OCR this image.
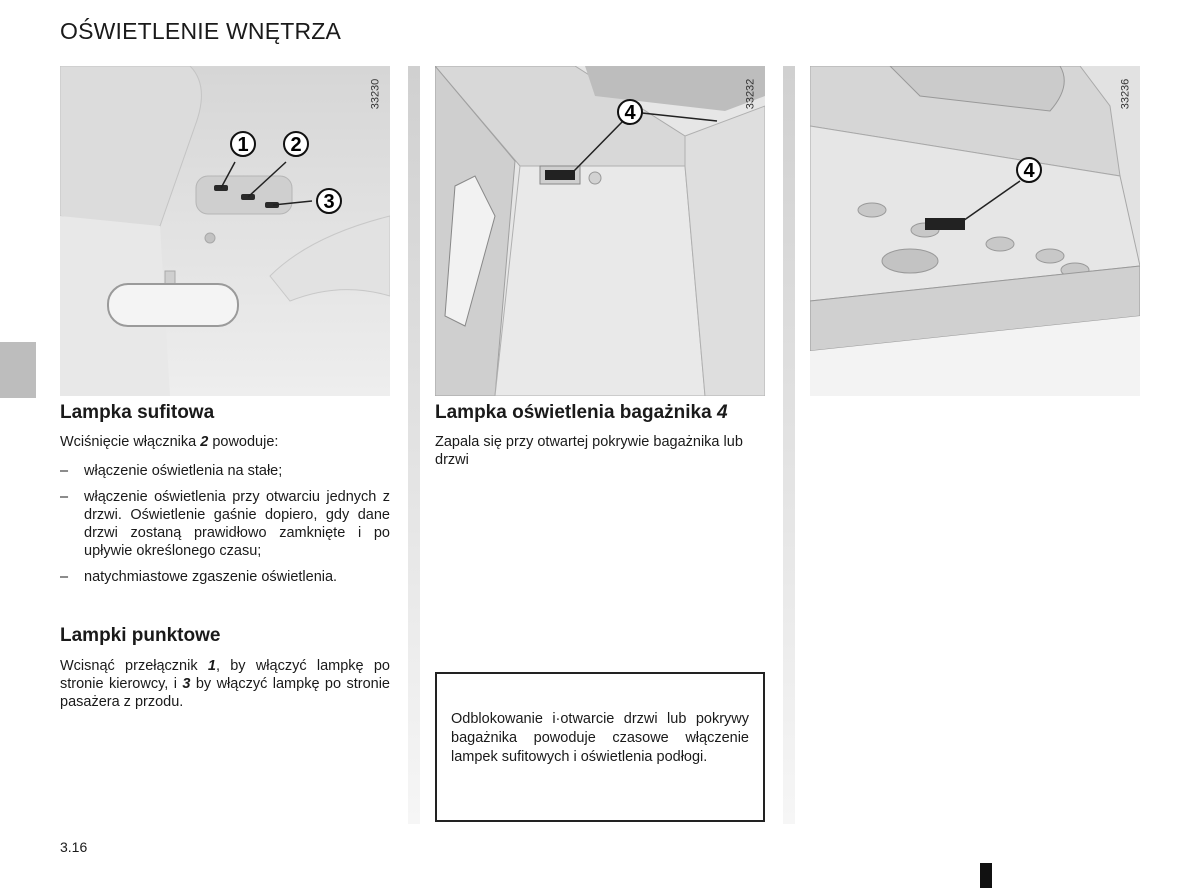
OŚWIETLENIE WNĘTRZA
1 2
3
33230
4
33232
4
33236
Lampka sufitowa

Wciśnięcie włącznika 2 powoduje:

– włączenie oświetlenia na stałe;
– włączenie oświetlenia przy otwarciu jednych z drzwi. Oświetlenie gaśnie dopiero, gdy dane drzwi zostaną prawidłowo zamknięte i po upływie określonego czasu;
– natychmiastowe zgaszenie oświetlenia.
Lampki punktowe

Wcisnąć przełącznik 1, by włączyć lampkę po stronie kierowcy, i 3 by włączyć lampkę po stronie pasażera z przodu.

Lampka oświetlenia bagażnika 4

Zapala się przy otwartej pokrywie bagażnika lub drzwi

Odblokowanie i·otwarcie drzwi lub pokrywy bagażnika powoduje czasowe włączenie lampek sufitowych i oświetlenia podłogi.
3.16
